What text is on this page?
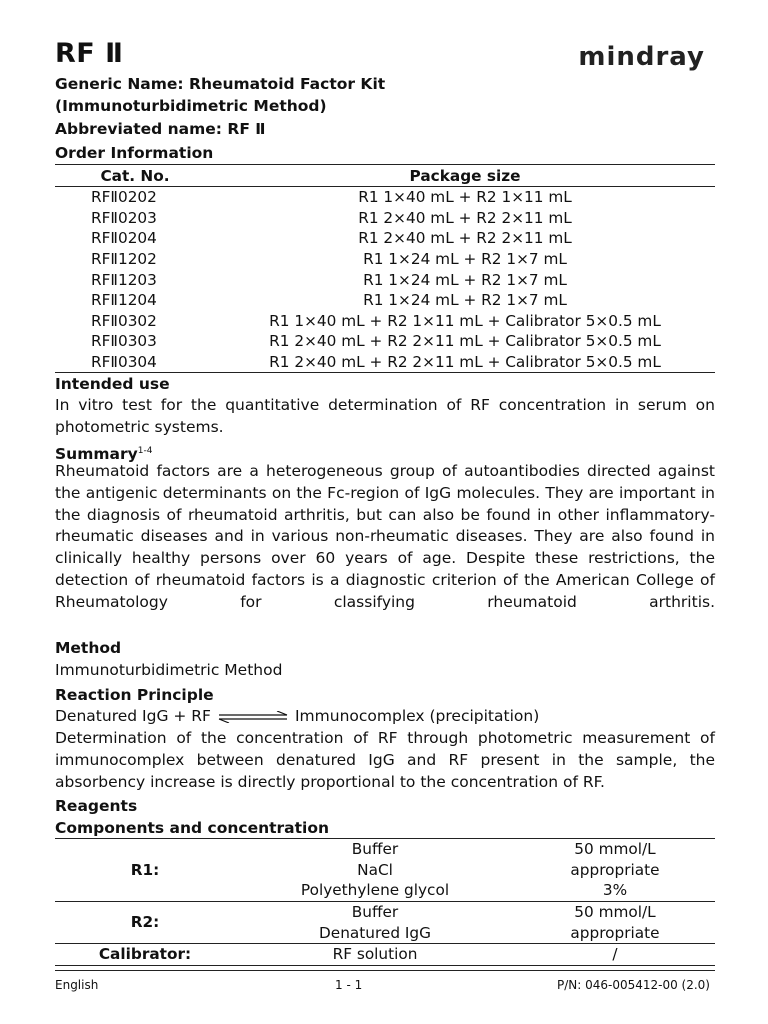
RF Ⅱ	mindray
Generic Name: Rheumatoid Factor Kit
(Immunoturbidimetric Method)
Abbreviated name: RF Ⅱ
Order Information
Cat. No.	Package size
RFⅡ0202	R1 1×40 mL + R2 1×11 mL
RFⅡ0203	R1 2×40 mL + R2 2×11 mL
RFⅡ0204	R1 2×40 mL + R2 2×11 mL
RFⅡ1202	R1 1×24 mL + R2 1×7 mL
RFⅡ1203	R1 1×24 mL + R2 1×7 mL
RFⅡ1204	R1 1×24 mL + R2 1×7 mL
RFⅡ0302	R1 1×40 mL + R2 1×11 mL + Calibrator 5×0.5 mL
RFⅡ0303	R1 2×40 mL + R2 2×11 mL + Calibrator 5×0.5 mL
RFⅡ0304	R1 2×40 mL + R2 2×11 mL + Calibrator 5×0.5 mL
Intended use
In vitro test for the quantitative determination of RF concentration in serum on photometric systems.
Summary$^{1-4}$
Rheumatoid factors are a heterogeneous group of autoantibodies directed against the antigenic determinants on the Fc-region of IgG molecules. They are important in the diagnosis of rheumatoid arthritis, but can also be found in other inflammatory-rheumatic diseases and in various non-rheumatic diseases. They are also found in clinically healthy persons over 60 years of age. Despite these restrictions, the detection of rheumatoid factors is a diagnostic criterion of the American College of Rheumatology for classifying rheumatoid arthritis.
Method
Immunoturbidimetric Method
Reaction Principle
Denatured IgG + RF	Immunocomplex (precipitation)
Determination of the concentration of RF through photometric measurement of immunocomplex between denatured IgG and RF present in the sample, the absorbency increase is directly proportional to the concentration of RF.
Reagents
Components and concentration
R1:	Buffer	50 mmol/L
	NaCl	appropriate
	Polyethylene glycol	3%
R2:	Buffer	50 mmol/L
	Denatured IgG	appropriate
Calibrator:	RF solution	/
English	1 - 1	P/N: 046-005412-00 (2.0)
